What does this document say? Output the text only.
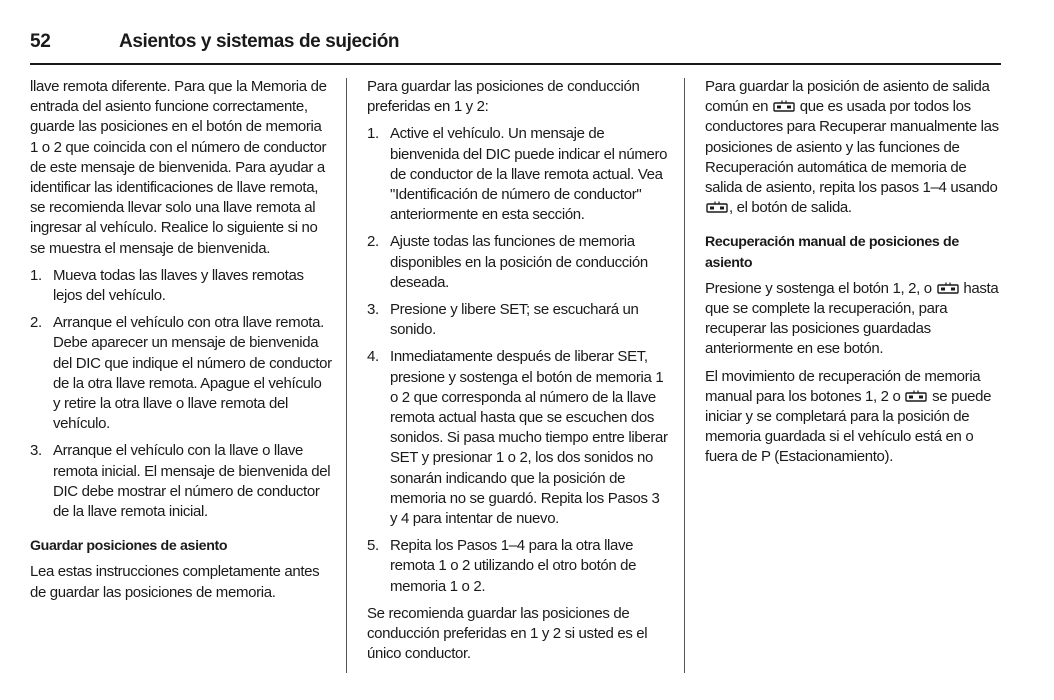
52	Asientos y sistemas de sujeción

llave remota diferente. Para que la Memoria de entrada del asiento funcione correctamente, guarde las posiciones en el botón de memoria 1 o 2 que coincida con el número de conductor de este mensaje de bienvenida. Para ayudar a identificar las identificaciones de llave remota, se recomienda llevar solo una llave remota al ingresar al vehículo. Realice lo siguiente si no se muestra el mensaje de bienvenida.

1. Mueva todas las llaves y llaves remotas lejos del vehículo.
2. Arranque el vehículo con otra llave remota. Debe aparecer un mensaje de bienvenida del DIC que indique el número de conductor de la otra llave remota. Apague el vehículo y retire la otra llave o llave remota del vehículo.
3. Arranque el vehículo con la llave o llave remota inicial. El mensaje de bienvenida del DIC debe mostrar el número de conductor de la llave remota inicial.

Guardar posiciones de asiento

Lea estas instrucciones completamente antes de guardar las posiciones de memoria.

Para guardar las posiciones de conducción preferidas en 1 y 2:

1. Active el vehículo. Un mensaje de bienvenida del DIC puede indicar el número de conductor de la llave remota actual. Vea "Identificación de número de conductor" anteriormente en esta sección.
2. Ajuste todas las funciones de memoria disponibles en la posición de conducción deseada.
3. Presione y libere SET; se escuchará un sonido.
4. Inmediatamente después de liberar SET, presione y sostenga el botón de memoria 1 o 2 que corresponda al número de la llave remota actual hasta que se escuchen dos sonidos. Si pasa mucho tiempo entre liberar SET y presionar 1 o 2, los dos sonidos no sonarán indicando que la posición de memoria no se guardó. Repita los Pasos 3 y 4 para intentar de nuevo.
5. Repita los Pasos 1–4 para la otra llave remota 1 o 2 utilizando el otro botón de memoria 1 o 2.

Se recomienda guardar las posiciones de conducción preferidas en 1 y 2 si usted es el único conductor.

Para guardar la posición de asiento de salida común en que es usada por todos los conductores para Recuperar manualmente las posiciones de asiento y las funciones de Recuperación automática de memoria de salida de asiento, repita los pasos 1–4 usando , el botón de salida.

Recuperación manual de posiciones de asiento

Presione y sostenga el botón 1, 2, o hasta que se complete la recuperación, para recuperar las posiciones guardadas anteriormente en ese botón.

El movimiento de recuperación de memoria manual para los botones 1, 2 o se puede iniciar y se completará para la posición de memoria guardada si el vehículo está en o fuera de P (Estacionamiento).
